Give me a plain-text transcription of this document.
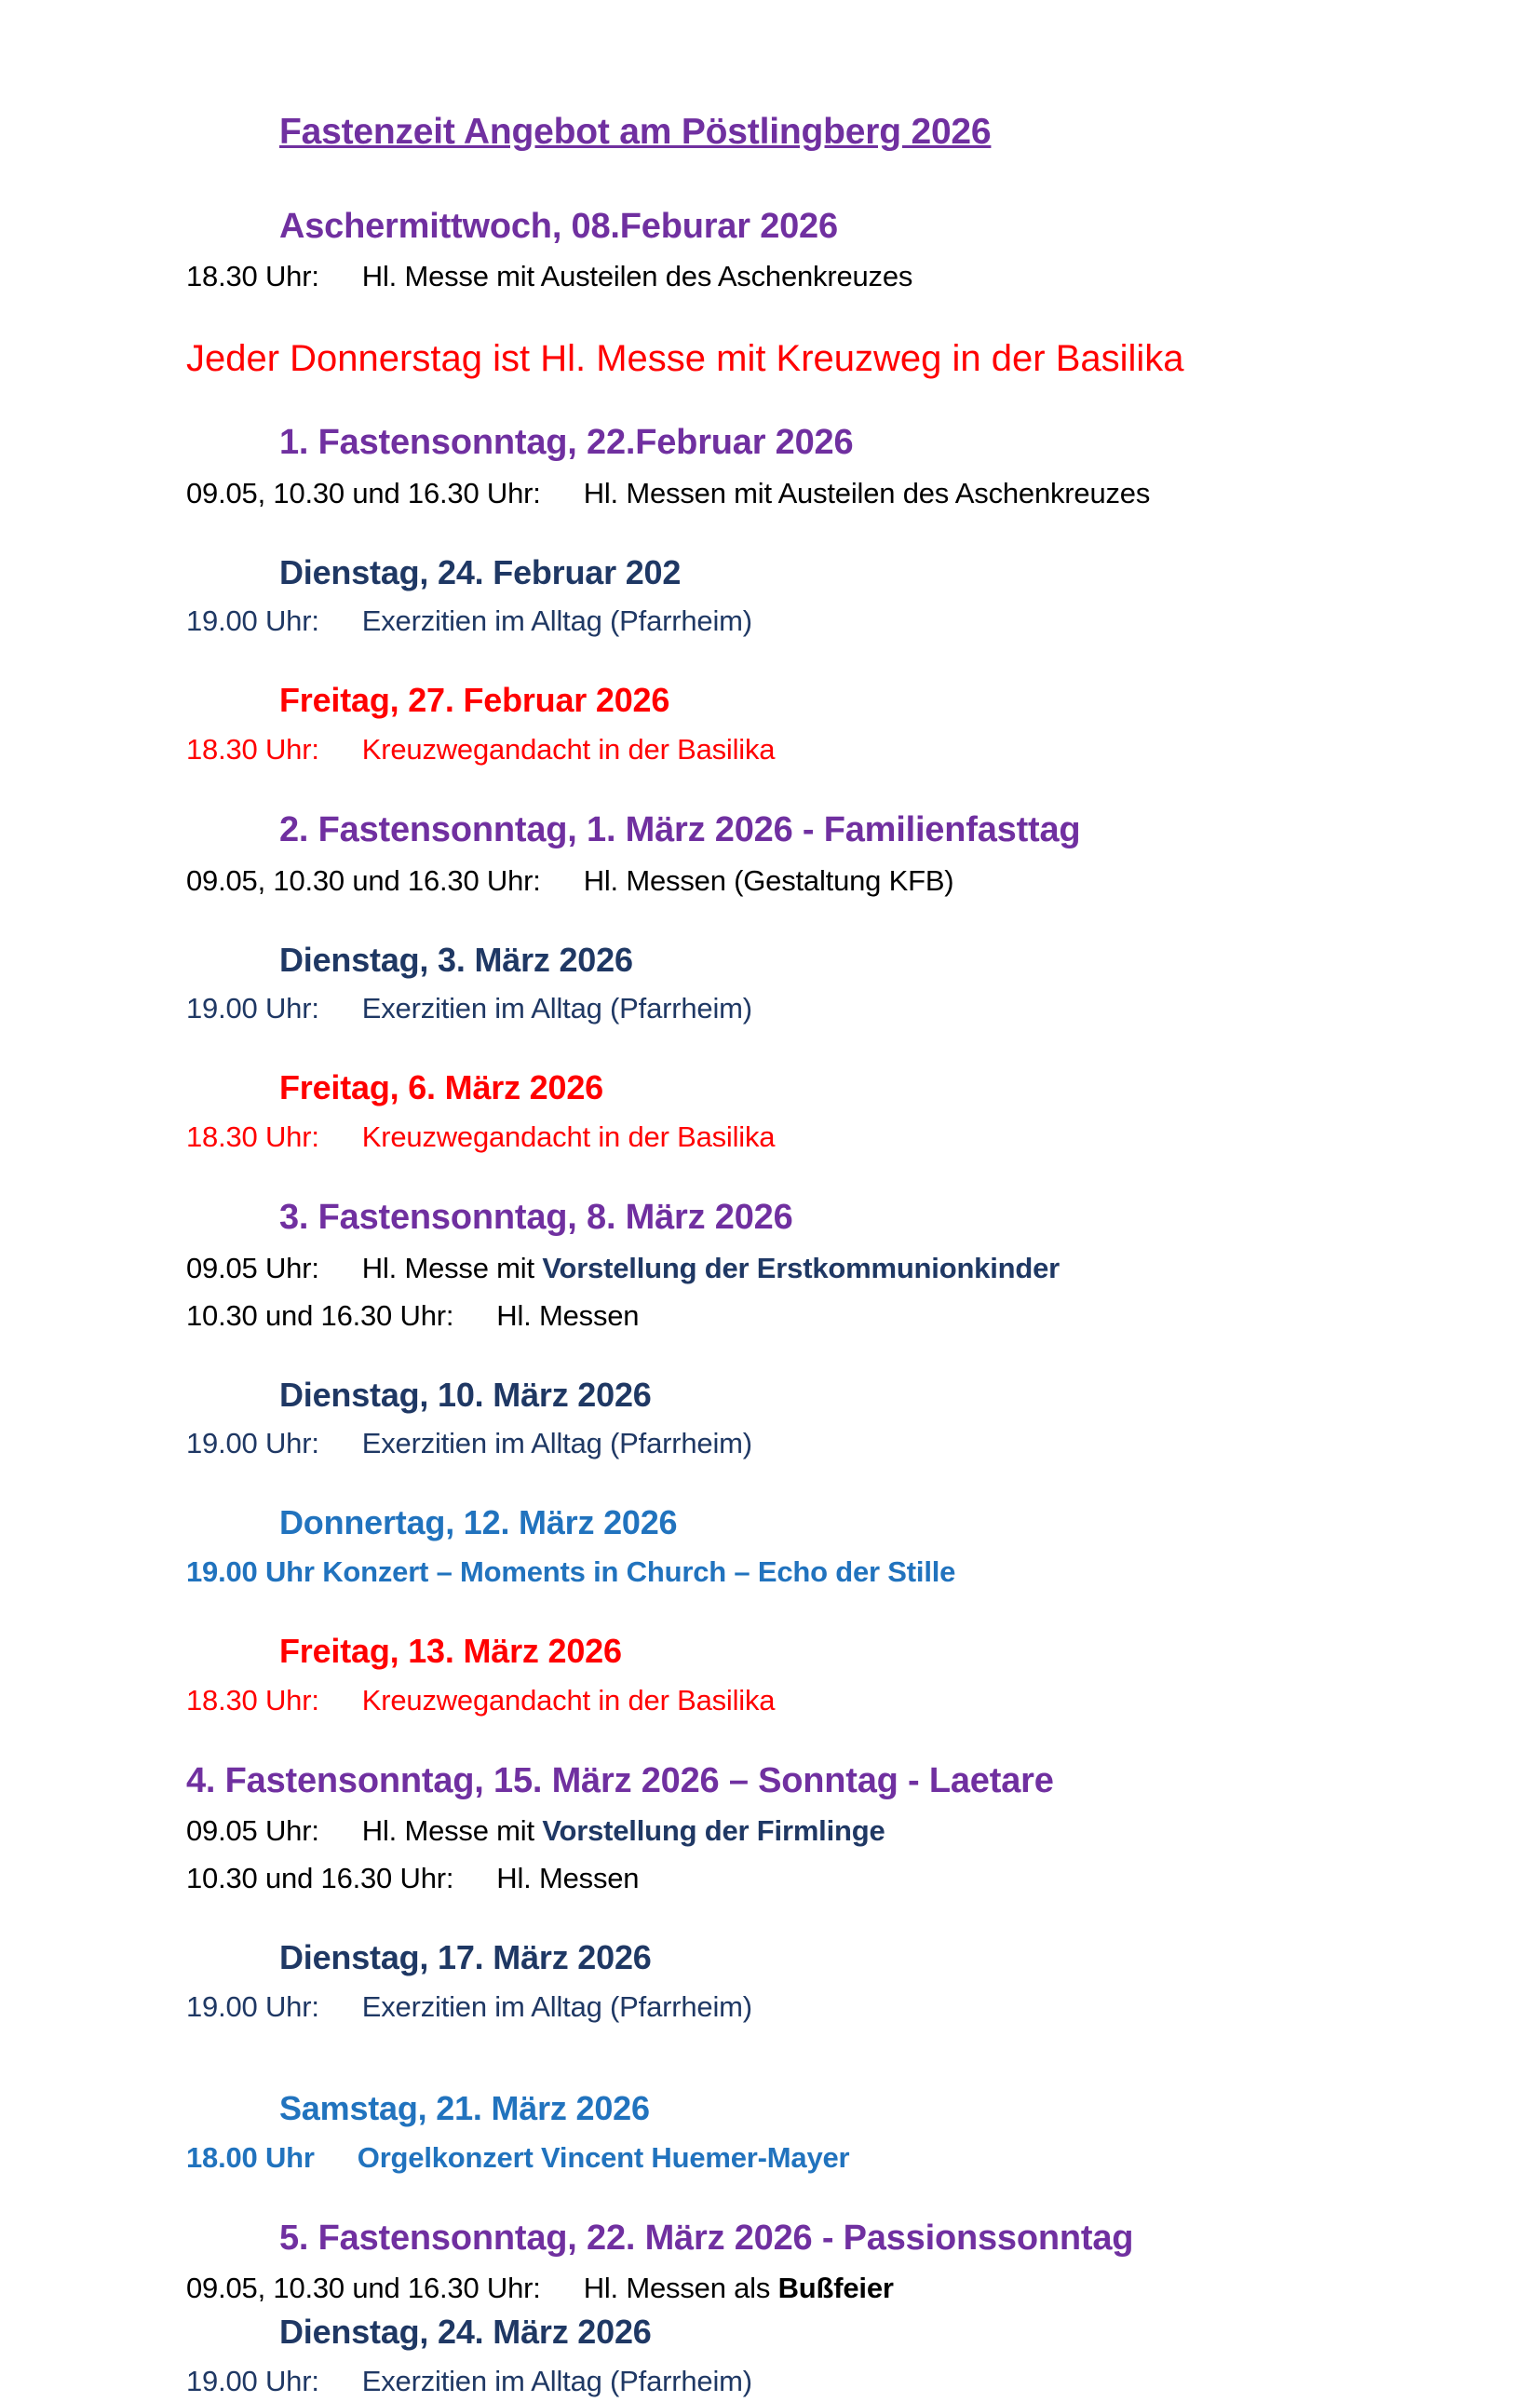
Fastenzeit Angebot am Pöstlingberg 2026
Aschermittwoch, 08.Feburar 2026
18.30 Uhr: Hl. Messe mit Austeilen des Aschenkreuzes
Jeder Donnerstag ist Hl. Messe mit Kreuzweg in der Basilika
1. Fastensonntag, 22.Februar 2026
09.05, 10.30 und 16.30 Uhr: Hl. Messen mit Austeilen des Aschenkreuzes
Dienstag, 24. Februar 202
19.00 Uhr: Exerzitien im Alltag (Pfarrheim)
Freitag, 27. Februar 2026
18.30 Uhr: Kreuzwegandacht in der Basilika
2. Fastensonntag, 1. März 2026 - Familienfasttag
09.05, 10.30 und 16.30 Uhr: Hl. Messen (Gestaltung KFB)
Dienstag, 3. März 2026
19.00 Uhr: Exerzitien im Alltag (Pfarrheim)
Freitag, 6. März 2026
18.30 Uhr: Kreuzwegandacht in der Basilika
3. Fastensonntag, 8. März 2026
09.05 Uhr: Hl. Messe mit Vorstellung der Erstkommunionkinder
10.30 und 16.30 Uhr: Hl. Messen
Dienstag, 10. März 2026
19.00 Uhr: Exerzitien im Alltag (Pfarrheim)
Donnertag, 12. März 2026
19.00 Uhr Konzert – Moments in Church – Echo der Stille
Freitag, 13. März 2026
18.30 Uhr: Kreuzwegandacht in der Basilika
4. Fastensonntag, 15. März 2026 – Sonntag - Laetare
09.05 Uhr: Hl. Messe mit Vorstellung der Firmlinge
10.30 und 16.30 Uhr: Hl. Messen
Dienstag, 17. März 2026
19.00 Uhr: Exerzitien im Alltag (Pfarrheim)
Samstag, 21. März 2026
18.00 Uhr Orgelkonzert Vincent Huemer-Mayer
5. Fastensonntag, 22. März 2026 - Passionssonntag
09.05, 10.30 und 16.30 Uhr: Hl. Messen als Bußfeier
Dienstag, 24. März 2026
19.00 Uhr: Exerzitien im Alltag (Pfarrheim)
